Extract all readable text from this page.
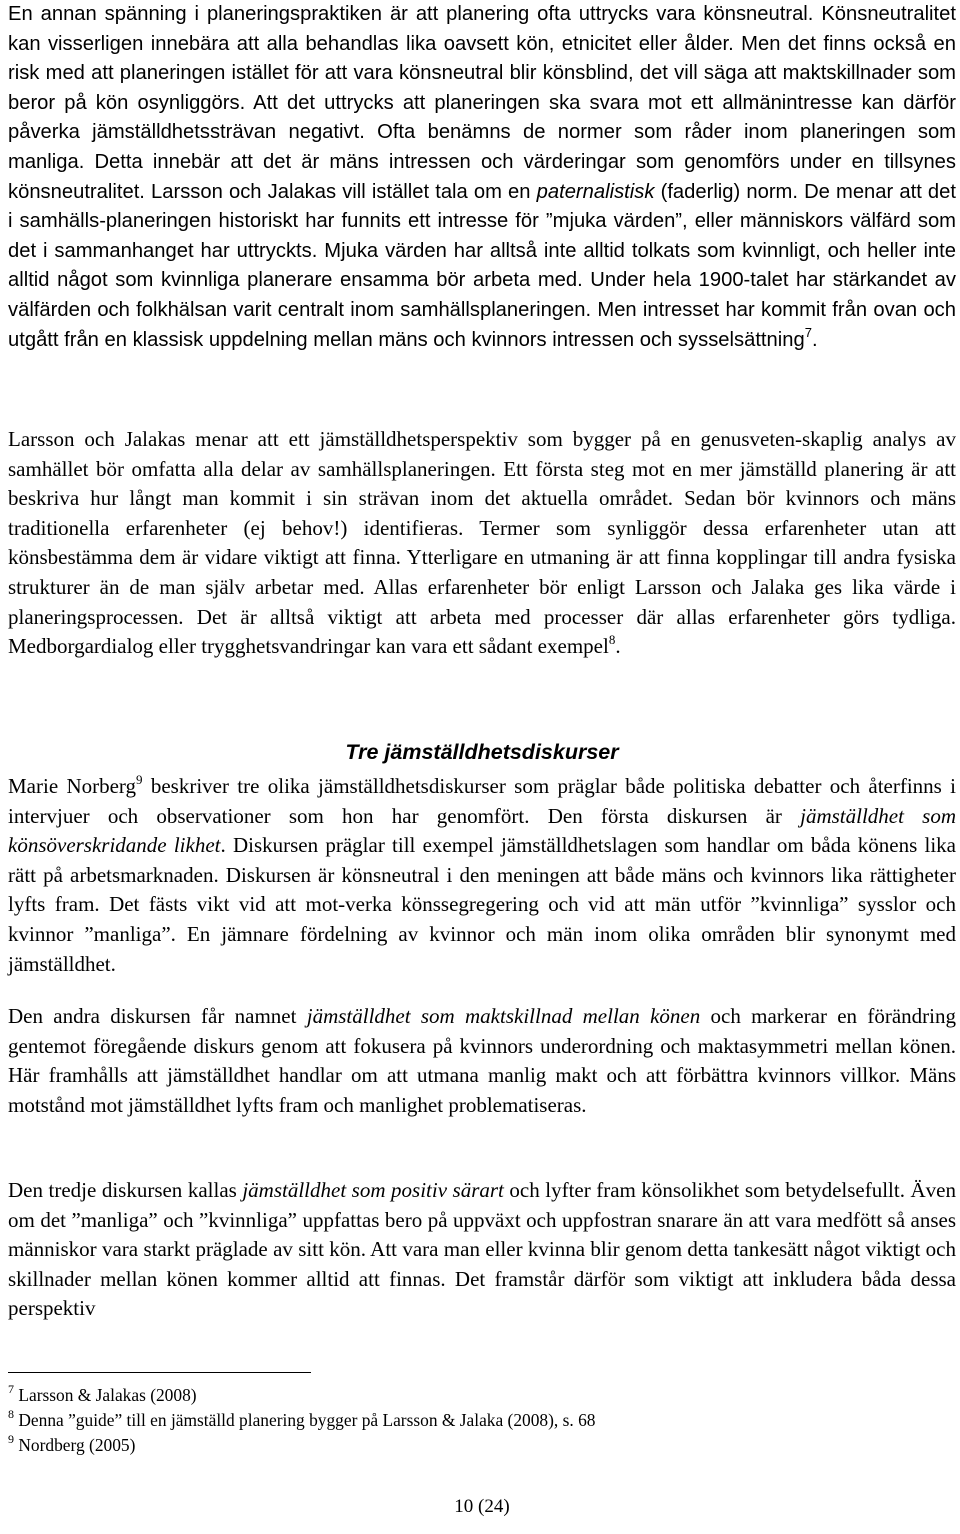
En annan spänning i planeringspraktiken är att planering ofta uttrycks vara könsneutral. Könsneutralitet kan visserligen innebära att alla behandlas lika oavsett kön, etnicitet eller ålder. Men det finns också en risk med att planeringen istället för att vara könsneutral blir könsblind, det vill säga att maktskillnader som beror på kön osynliggörs. Att det uttrycks att planeringen ska svara mot ett allmänintresse kan därför påverka jämställdhetssträvan negativt. Ofta benämns de normer som råder inom planeringen som manliga. Detta innebär att det är mäns intressen och värderingar som genomförs under en tillsynes könsneutralitet. Larsson och Jalakas vill istället tala om en paternalistisk (faderlig) norm. De menar att det i samhälls-planeringen historiskt har funnits ett intresse för ”mjuka värden”, eller människors välfärd som det i sammanhanget har uttryckts. Mjuka värden har alltså inte alltid tolkats som kvinnligt, och heller inte alltid något som kvinnliga planerare ensamma bör arbeta med. Under hela 1900-talet har stärkandet av välfärden och folkhälsan varit centralt inom samhällsplaneringen. Men intresset har kommit från ovan och utgått från en klassisk uppdelning mellan mäns och kvinnors intressen och sysselsättning$^7$.

Larsson och Jalakas menar att ett jämställdhetsperspektiv som bygger på en genusveten-skaplig analys av samhället bör omfatta alla delar av samhällsplaneringen. Ett första steg mot en mer jämställd planering är att beskriva hur långt man kommit i sin strävan inom det aktuella området. Sedan bör kvinnors och mäns traditionella erfarenheter (ej behov!) identifieras. Termer som synliggör dessa erfarenheter utan att könsbestämma dem är vidare viktigt att finna. Ytterligare en utmaning är att finna kopplingar till andra fysiska strukturer än de man själv arbetar med. Allas erfarenheter bör enligt Larsson och Jalaka ges lika värde i planeringsprocessen. Det är alltså viktigt att arbeta med processer där allas erfarenheter görs tydliga. Medborgardialog eller trygghetsvandringar kan vara ett sådant exempel$^8$.

Tre jämställdhetsdiskurser

Marie Norberg$^9$ beskriver tre olika jämställdhetsdiskurser som präglar både politiska debatter och återfinns i intervjuer och observationer som hon har genomfört. Den första diskursen är jämställdhet som könsöverskridande likhet. Diskursen präglar till exempel jämställdhetslagen som handlar om båda könens lika rätt på arbetsmarknaden. Diskursen är könsneutral i den meningen att både mäns och kvinnors lika rättigheter lyfts fram. Det fästs vikt vid att mot-verka könssegregering och vid att män utför ”kvinnliga” sysslor och kvinnor ”manliga”. En jämnare fördelning av kvinnor och män inom olika områden blir synonymt med jämställdhet.

Den andra diskursen får namnet jämställdhet som maktskillnad mellan könen och markerar en förändring gentemot föregående diskurs genom att fokusera på kvinnors underordning och maktasymmetri mellan könen. Här framhålls att jämställdhet handlar om att utmana manlig makt och att förbättra kvinnors villkor. Mäns motstånd mot jämställdhet lyfts fram och manlighet problematiseras.

Den tredje diskursen kallas jämställdhet som positiv särart och lyfter fram könsolikhet som betydelsefullt. Även om det ”manliga” och ”kvinnliga” uppfattas bero på uppväxt och uppfostran snarare än att vara medfött så anses människor vara starkt präglade av sitt kön. Att vara man eller kvinna blir genom detta tankesätt något viktigt och skillnader mellan könen kommer alltid att finnas. Det framstår därför som viktigt att inkludera båda dessa perspektiv

$^7$ Larsson & Jalakas (2008)
$^8$ Denna ”guide” till en jämställd planering bygger på Larsson & Jalaka (2008), s. 68
$^9$ Nordberg (2005)
10 (24)
